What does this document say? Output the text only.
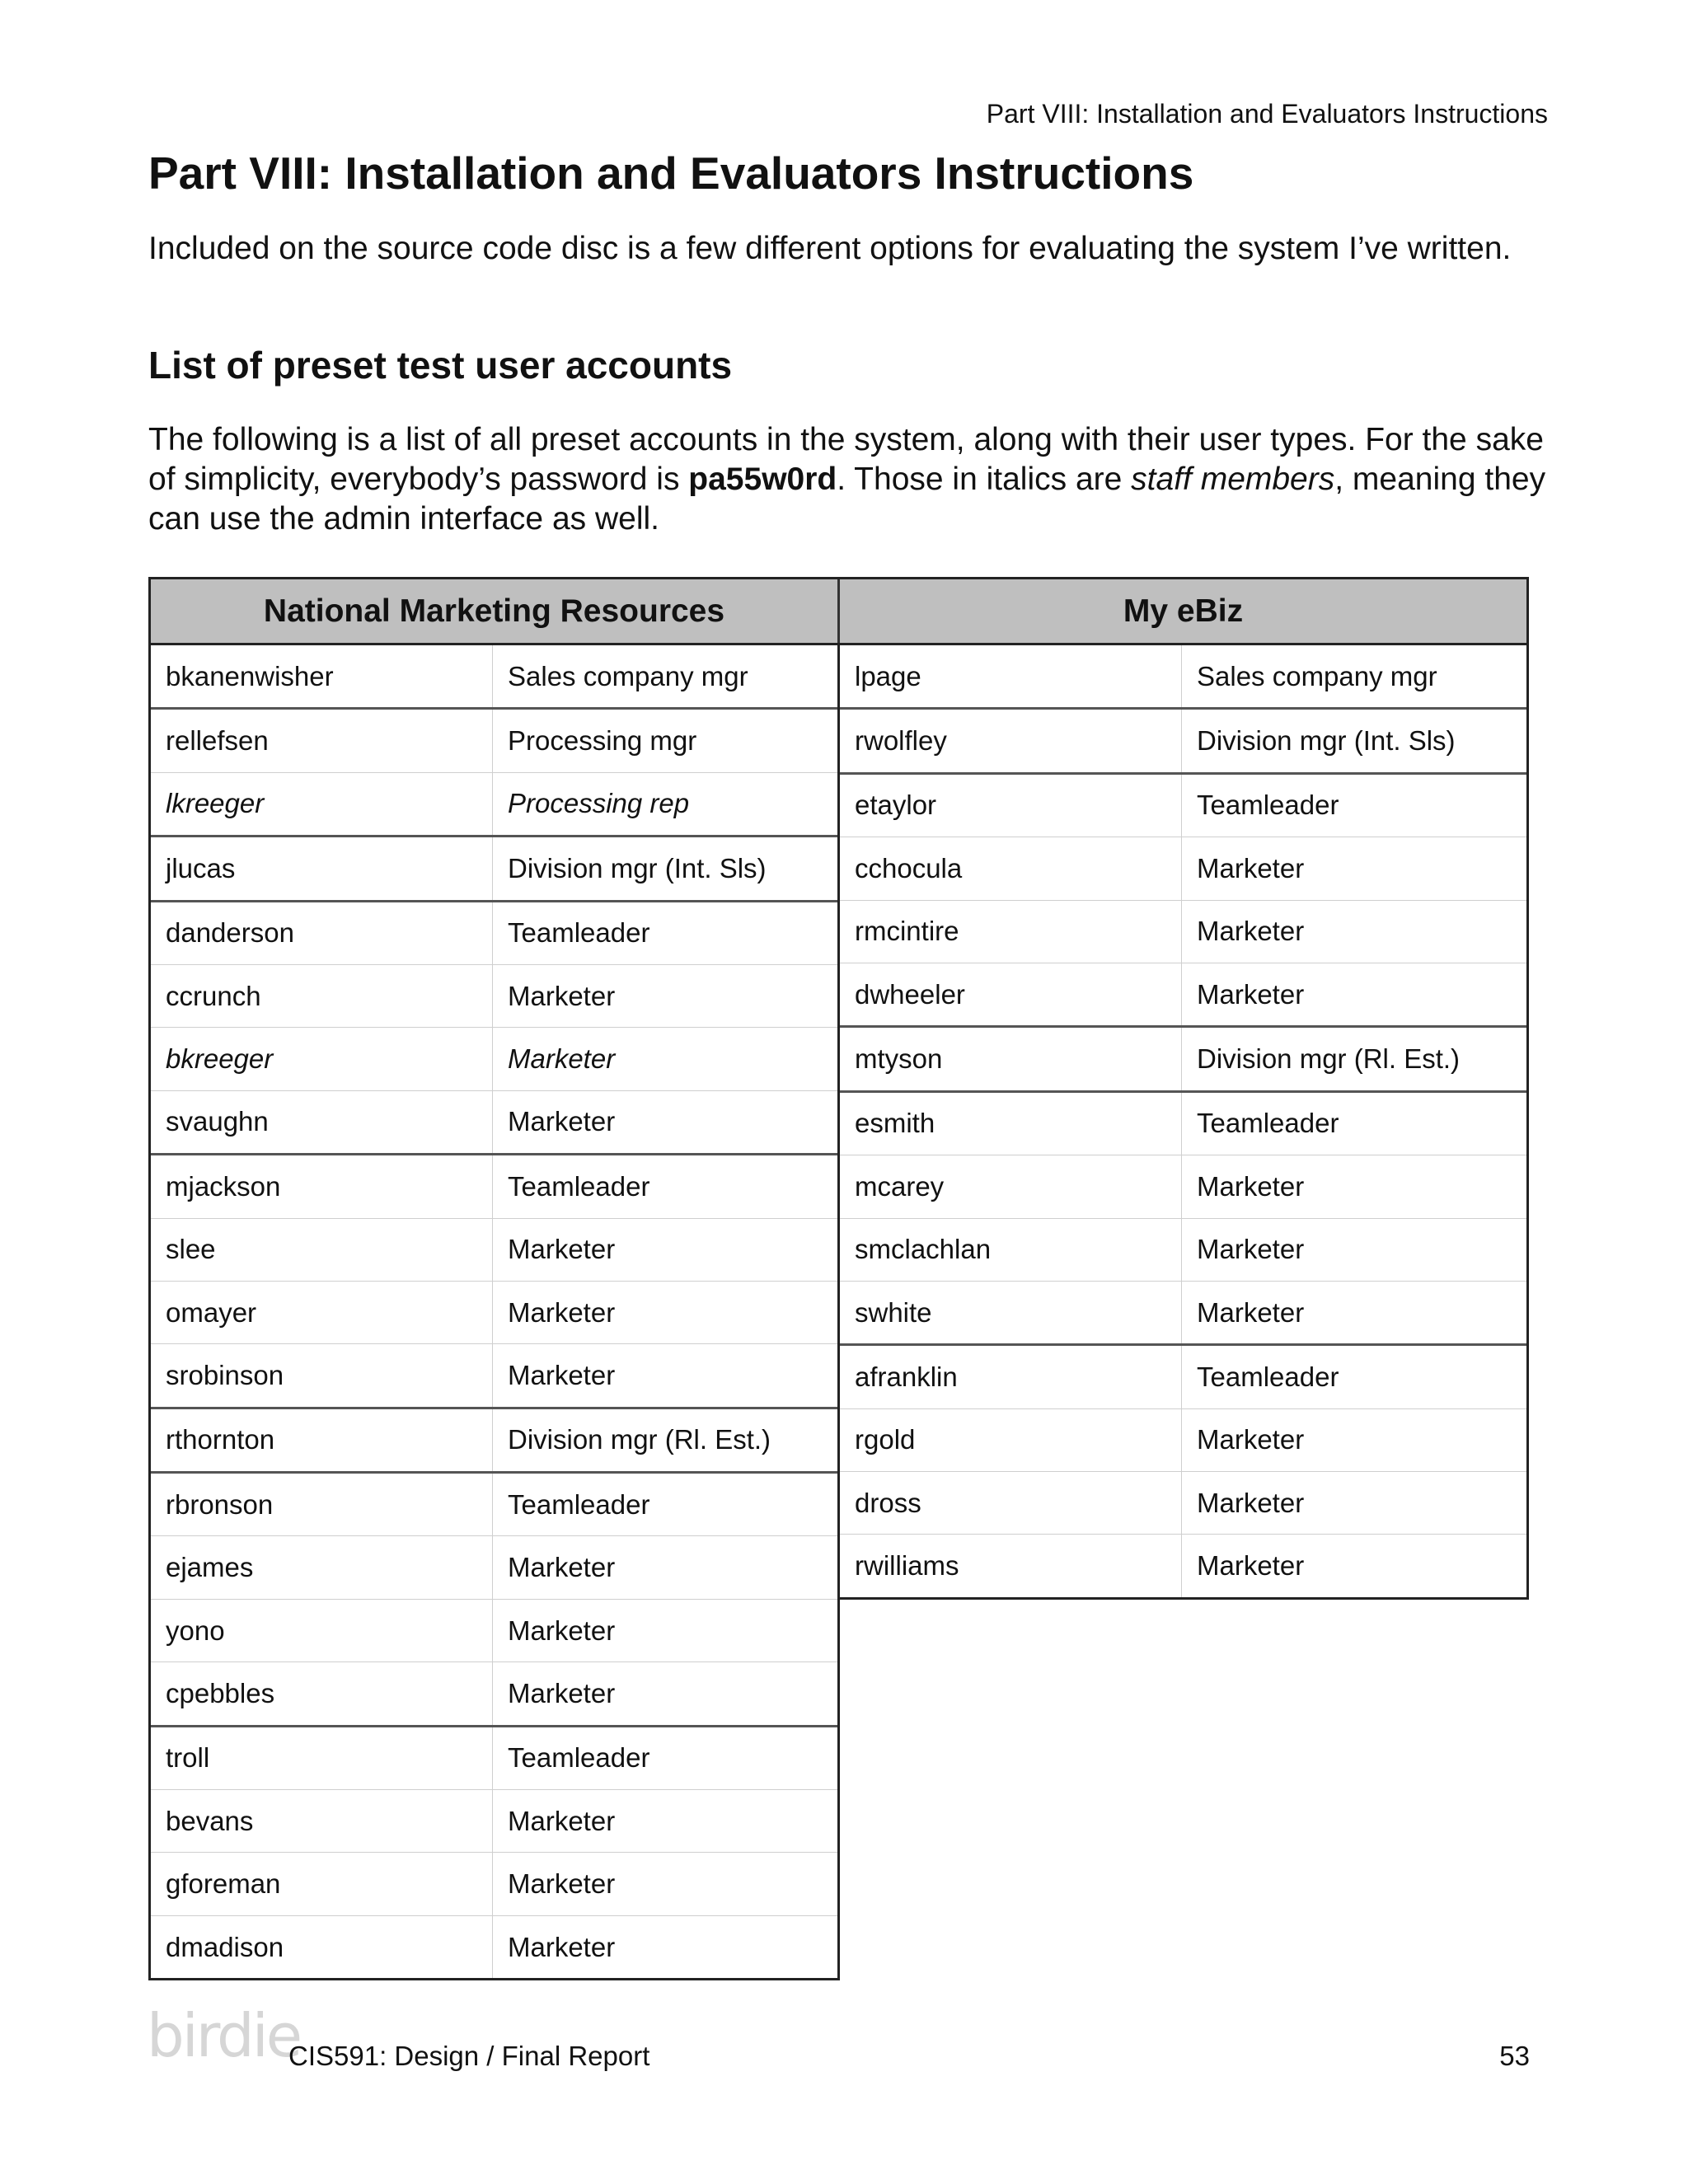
Part VIII: Installation and Evaluators Instructions
Part VIII: Installation and Evaluators Instructions

Included on the source code disc is a few different options for evaluating the system I’ve written.

List of preset test user accounts

The following is a list of all preset accounts in the system, along with their user types. For the sake of simplicity, everybody’s password is pa55w0rd. Those in italics are staff members, meaning they can use the admin interface as well.

National Marketing Resources	My eBiz
bkanenwisher	Sales company mgr
rellefsen	Processing mgr
lkreeger	Processing rep
jlucas	Division mgr (Int. Sls)
danderson	Teamleader
ccrunch	Marketer
bkreeger	Marketer
svaughn	Marketer
mjackson	Teamleader
slee	Marketer
omayer	Marketer
srobinson	Marketer
rthornton	Division mgr (Rl. Est.)
rbronson	Teamleader
ejames	Marketer
yono	Marketer
cpebbles	Marketer
troll	Teamleader
bevans	Marketer
gforeman	Marketer
dmadison	Marketer
lpage	Sales company mgr
rwolfley	Division mgr (Int. Sls)
etaylor	Teamleader
cchocula	Marketer
rmcintire	Marketer
dwheeler	Marketer
mtyson	Division mgr (Rl. Est.)
esmith	Teamleader
mcarey	Marketer
smclachlan	Marketer
swhite	Marketer
afranklin	Teamleader
rgold	Marketer
dross	Marketer
rwilliams	Marketer
birdie
CIS591: Design / Final Report	53
